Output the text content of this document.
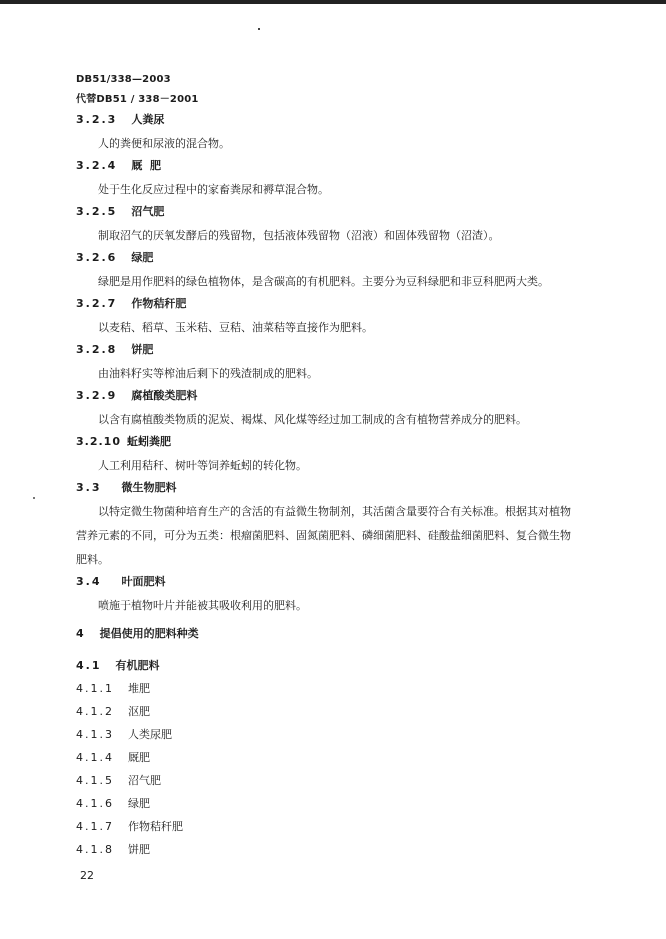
DB51/338—2003
代替DB51 / 338－2001
3.2.3 人粪尿
人的粪便和尿液的混合物。
3.2.4 厩  肥
处于生化反应过程中的家畜粪尿和褥草混合物。
3.2.5 沼气肥
制取沼气的厌氧发酵后的残留物，包括液体残留物（沼液）和固体残留物（沼渣）。
3.2.6 绿肥
绿肥是用作肥料的绿色植物体，是含碳高的有机肥料。主要分为豆科绿肥和非豆科肥两大类。
3.2.7 作物秸秆肥
以麦秸、稻草、玉米秸、豆秸、油菜秸等直接作为肥料。
3.2.8 饼肥
由油料籽实等榨油后剩下的残渣制成的肥料。
3.2.9 腐植酸类肥料
以含有腐植酸类物质的泥炭、褐煤、风化煤等经过加工制成的含有植物营养成分的肥料。
3.2.10 蚯蚓粪肥
人工利用秸秆、树叶等饲养蚯蚓的转化物。
3.3 微生物肥料
以特定微生物菌种培育生产的含活的有益微生物制剂，其活菌含量要符合有关标准。根据其对植物
营养元素的不同，可分为五类：根瘤菌肥料、固氮菌肥料、磷细菌肥料、硅酸盐细菌肥料、复合微生物
肥料。
3.4 叶面肥料
喷施于植物叶片并能被其吸收利用的肥料。
4 提倡使用的肥料种类
4.1 有机肥料
4.1.1 堆肥
4.1.2 沤肥
4.1.3 人类尿肥
4.1.4 厩肥
4.1.5 沼气肥
4.1.6 绿肥
4.1.7 作物秸秆肥
4.1.8 饼肥
22
